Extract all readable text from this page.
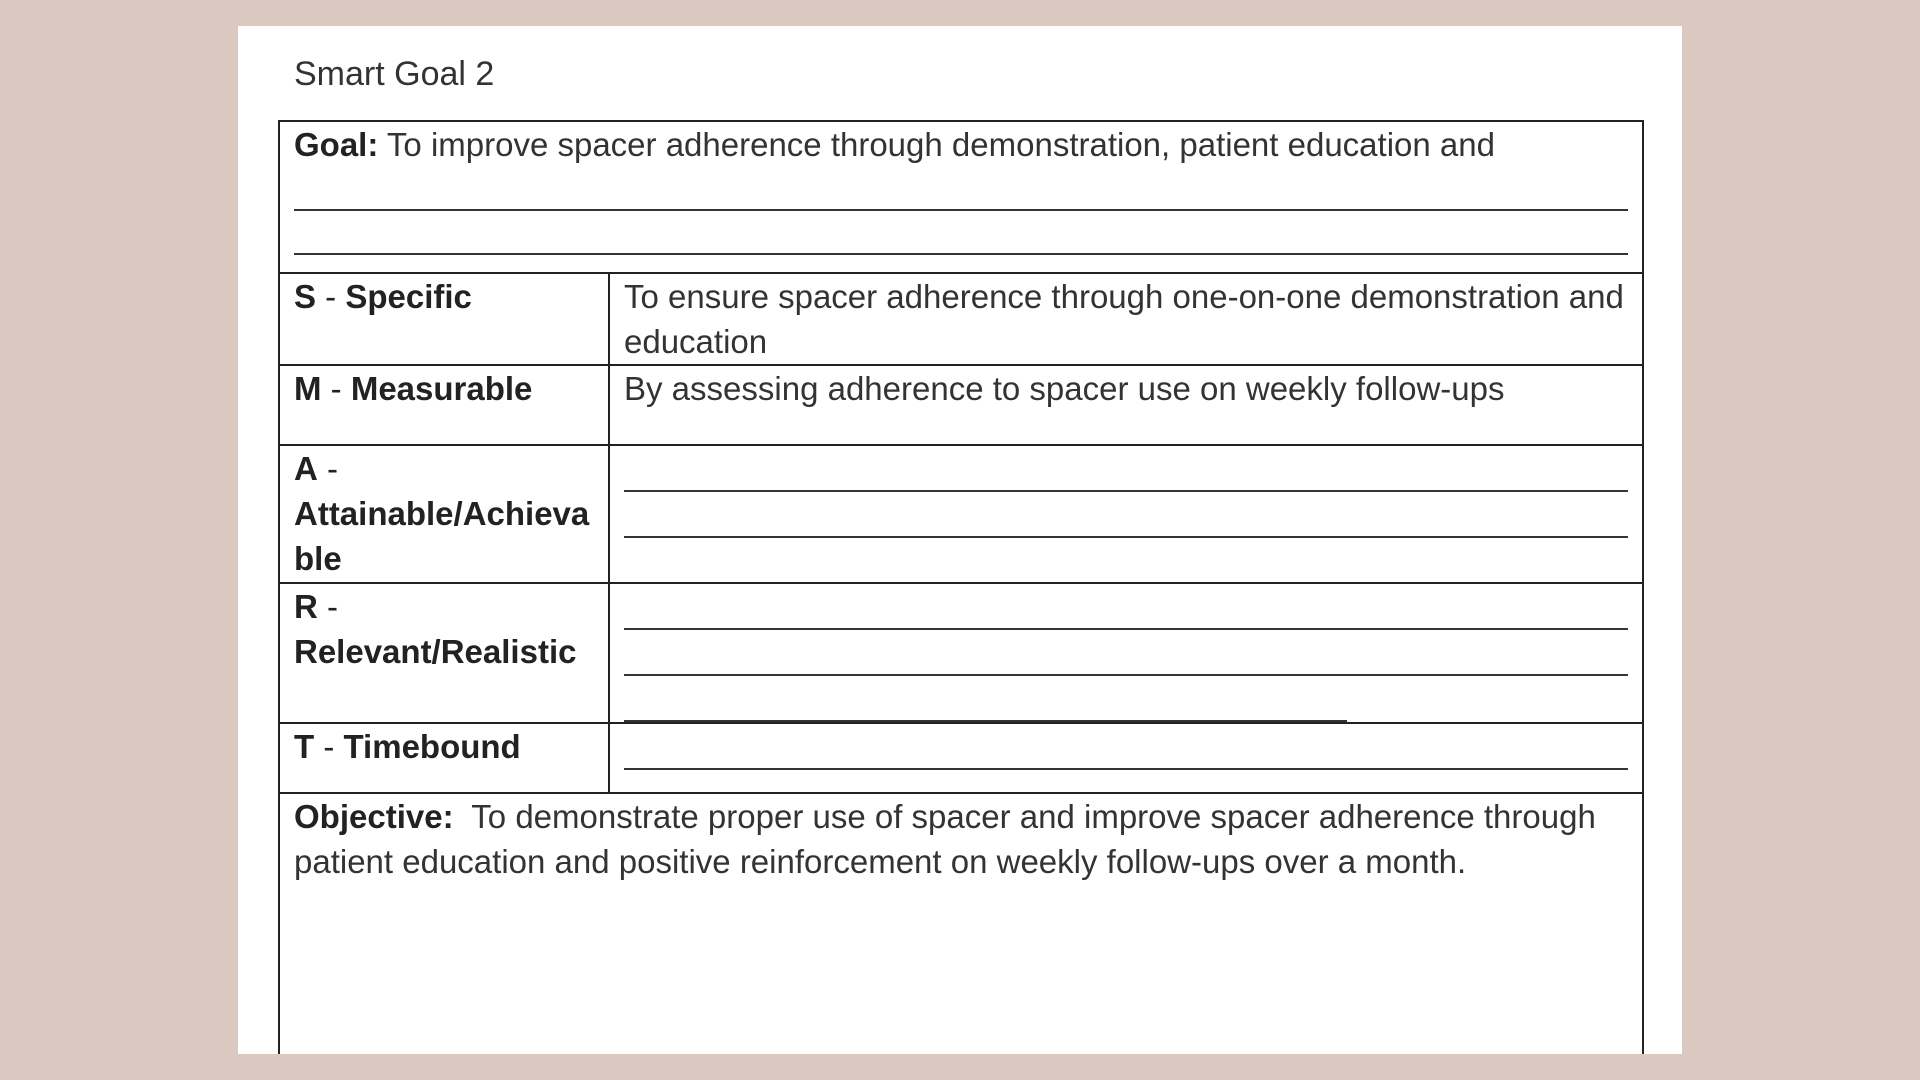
Smart Goal 2
Goal: To improve spacer adherence through demonstration, patient education and	

S - Specific	To ensure spacer adherence through one-on-one demonstration and education
M - Measurable	By assessing adherence to spacer use on weekly follow-ups
A - Attainable/Achievable	

R - Relevant/Realistic	

T - Timebound	

Objective:  To demonstrate proper use of spacer and improve spacer adherence through patient education and positive reinforcement on weekly follow-ups over a month.	
